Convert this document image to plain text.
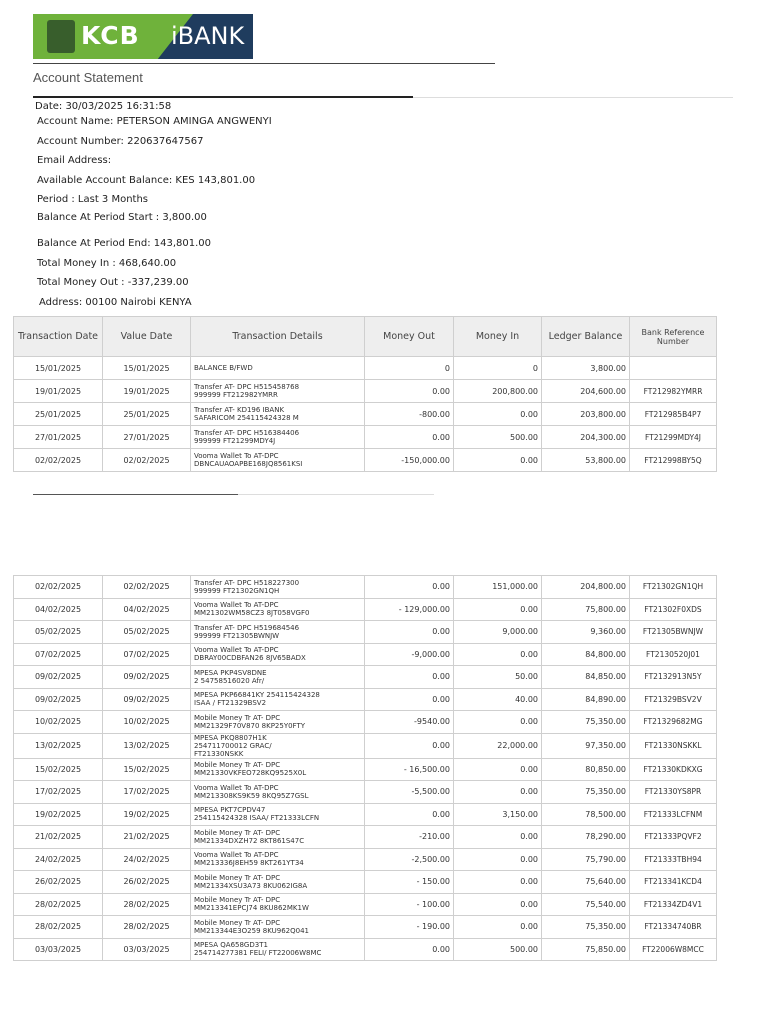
KCB iBANK
Account Statement
Date: 30/03/2025 16:31:58
Account Name: PETERSON AMINGA ANGWENYI
Account Number: 220637647567
Email Address:
Available Account Balance: KES 143,801.00
Period : Last 3 Months
Balance At Period Start : 3,800.00
Balance At Period End: 143,801.00
Total Money In : 468,640.00
Total Money Out : -337,239.00
Address: 00100 Nairobi KENYA
Transaction Date	Value Date	Transaction Details	Money Out	Money In	Ledger Balance	Bank Reference Number
15/01/2025	15/01/2025	BALANCE B/FWD	0	0	3,800.00	
19/01/2025	19/01/2025	Transfer AT- DPC H515458768
999999 FT212982YMRR	0.00	200,800.00	204,600.00	FT212982YMRR
25/01/2025	25/01/2025	Transfer AT- KD196 IBANK
SAFARICOM 254115424328 M	-800.00	0.00	203,800.00	FT212985B4P7
27/01/2025	27/01/2025	Transfer AT- DPC H516384406
999999 FT21299MDY4J	0.00	500.00	204,300.00	FT21299MDY4J
02/02/2025	02/02/2025	Vooma Wallet To AT-DPC
DBNCAUAOAPBE168JQ8561KSI	-150,000.00	0.00	53,800.00	FT212998BY5Q
02/02/2025	02/02/2025	Transfer AT- DPC H518227300
999999 FT21302GN1QH	0.00	151,000.00	204,800.00	FT21302GN1QH
04/02/2025	04/02/2025	Vooma Wallet To AT-DPC
MM21302WM58CZ3 8JT058VGF0	- 129,000.00	0.00	75,800.00	FT21302F0XDS
05/02/2025	05/02/2025	Transfer AT- DPC H519684546
999999 FT21305BWNJW	0.00	9,000.00	9,360.00	FT21305BWNJW
07/02/2025	07/02/2025	Vooma Wallet To AT-DPC
DBRAY00CDBFAN26 8JV65BADX	-9,000.00	0.00	84,800.00	FT2130520J01
09/02/2025	09/02/2025	MPESA PKP4SV8DNE
2 54758516020 Afr/	0.00	50.00	84,850.00	FT2132913N5Y
09/02/2025	09/02/2025	MPESA PKP66841KY 254115424328
ISAA / FT21329BSV2	0.00	40.00	84,890.00	FT21329BSV2V
10/02/2025	10/02/2025	Mobile Money Tr AT- DPC
MM21329F70V870 8KP25Y0FTY	-9540.00	0.00	75,350.00	FT21329682MG
13/02/2025	13/02/2025	MPESA PKQ8807H1K
254711700012 GRAC/
FT21330NSKK	0.00	22,000.00	97,350.00	FT21330NSKKL
15/02/2025	15/02/2025	Mobile Money Tr AT- DPC
MM21330VKFEO728KQ9525X0L	- 16,500.00	0.00	80,850.00	FT21330KDKXG
17/02/2025	17/02/2025	Vooma Wallet To AT-DPC
MM213308KS9K59 8KQ95Z7GSL	-5,500.00	0.00	75,350.00	FT21330YS8PR
19/02/2025	19/02/2025	MPESA PKT7CPDV47
254115424328 ISAA/ FT21333LCFN	0.00	3,150.00	78,500.00	FT21333LCFNM
21/02/2025	21/02/2025	Mobile Money Tr AT- DPC
MM21334DXZH72 8KT861S47C	-210.00	0.00	78,290.00	FT21333PQVF2
24/02/2025	24/02/2025	Vooma Wallet To AT-DPC
MM213336J8EH59 8KT261YT34	-2,500.00	0.00	75,790.00	FT21333TBH94
26/02/2025	26/02/2025	Mobile Money Tr AT- DPC
MM21334XSU3A73 8KU062IG8A	- 150.00	0.00	75,640.00	FT213341KCD4
28/02/2025	28/02/2025	Mobile Money Tr AT- DPC
MM213341EPCJ74 8KU862MK1W	- 100.00	0.00	75,540.00	FT21334ZD4V1
28/02/2025	28/02/2025	Mobile Money Tr AT- DPC
MM213344E3O259 8KU962Q041	- 190.00	0.00	75,350.00	FT21334740BR
03/03/2025	03/03/2025	MPESA QA658GD3T1
254714277381 FELI/ FT22006W8MC	0.00	500.00	75,850.00	FT22006W8MCC
